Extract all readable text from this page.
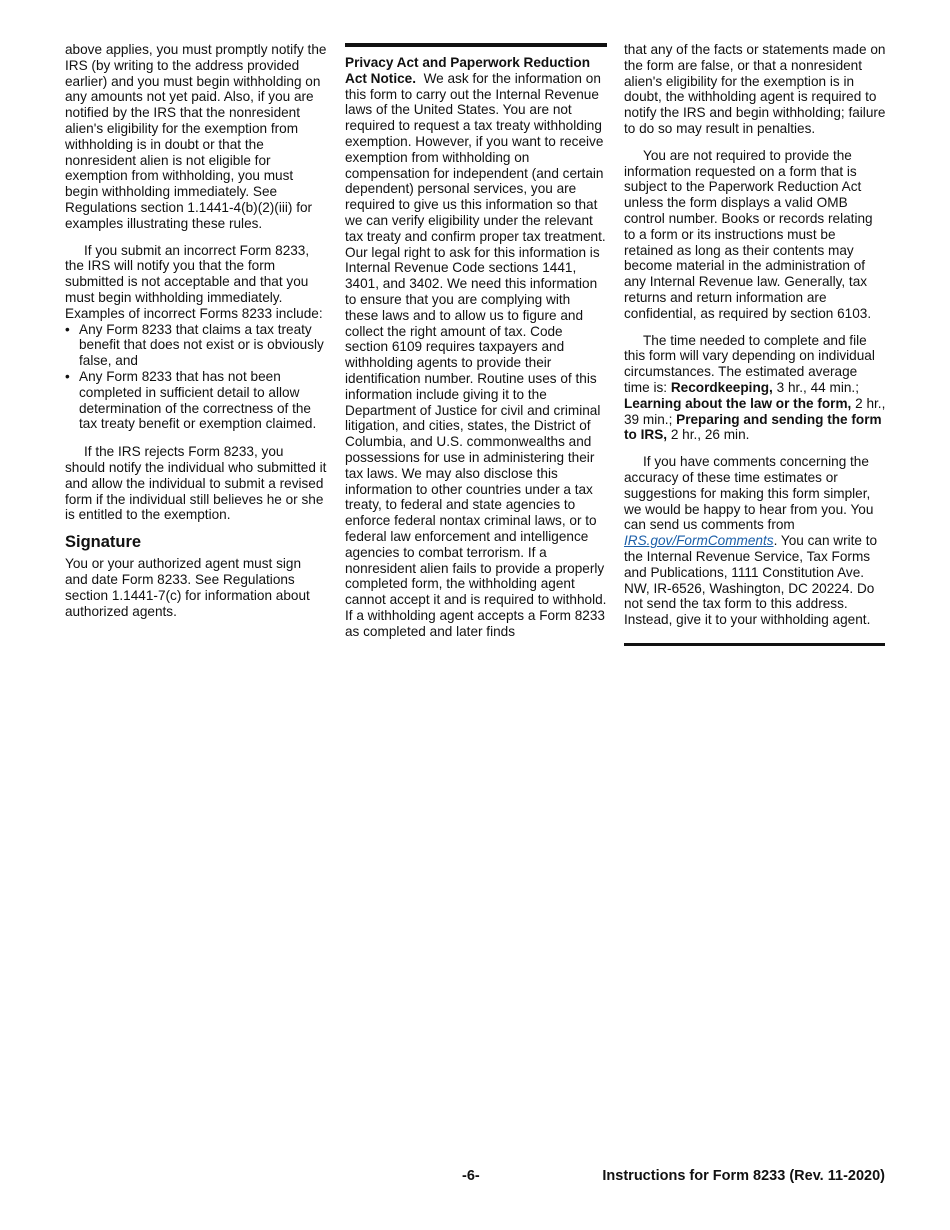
above applies, you must promptly notify the IRS (by writing to the address provided earlier) and you must begin withholding on any amounts not yet paid. Also, if you are notified by the IRS that the nonresident alien's eligibility for the exemption from withholding is in doubt or that the nonresident alien is not eligible for exemption from withholding, you must begin withholding immediately. See Regulations section 1.1441-4(b)(2)(iii) for examples illustrating these rules.

If you submit an incorrect Form 8233, the IRS will notify you that the form submitted is not acceptable and that you must begin withholding immediately. Examples of incorrect Forms 8233 include:

• Any Form 8233 that claims a tax treaty benefit that does not exist or is obviously false, and
• Any Form 8233 that has not been completed in sufficient detail to allow determination of the correctness of the tax treaty benefit or exemption claimed.

If the IRS rejects Form 8233, you should notify the individual who submitted it and allow the individual to submit a revised form if the individual still believes he or she is entitled to the exemption.

Signature

You or your authorized agent must sign and date Form 8233. See Regulations section 1.1441-7(c) for information about authorized agents.

Privacy Act and Paperwork Reduction Act Notice. We ask for the information on this form to carry out the Internal Revenue laws of the United States. You are not required to request a tax treaty withholding exemption. However, if you want to receive exemption from withholding on compensation for independent (and certain dependent) personal services, you are required to give us this information so that we can verify eligibility under the relevant tax treaty and confirm proper tax treatment. Our legal right to ask for this information is Internal Revenue Code sections 1441, 3401, and 3402. We need this information to ensure that you are complying with these laws and to allow us to figure and collect the right amount of tax. Code section 6109 requires taxpayers and withholding agents to provide their identification number. Routine uses of this information include giving it to the Department of Justice for civil and criminal litigation, and cities, states, the District of Columbia, and U.S. commonwealths and possessions for use in administering their tax laws. We may also disclose this information to other countries under a tax treaty, to federal and state agencies to enforce federal nontax criminal laws, or to federal law enforcement and intelligence agencies to combat terrorism. If a nonresident alien fails to provide a properly completed form, the withholding agent cannot accept it and is required to withhold. If a withholding agent accepts a Form 8233 as completed and later finds

that any of the facts or statements made on the form are false, or that a nonresident alien's eligibility for the exemption is in doubt, the withholding agent is required to notify the IRS and begin withholding; failure to do so may result in penalties.

You are not required to provide the information requested on a form that is subject to the Paperwork Reduction Act unless the form displays a valid OMB control number. Books or records relating to a form or its instructions must be retained as long as their contents may become material in the administration of any Internal Revenue law. Generally, tax returns and return information are confidential, as required by section 6103.

The time needed to complete and file this form will vary depending on individual circumstances. The estimated average time is: Recordkeeping, 3 hr., 44 min.; Learning about the law or the form, 2 hr., 39 min.; Preparing and sending the form to IRS, 2 hr., 26 min.

If you have comments concerning the accuracy of these time estimates or suggestions for making this form simpler, we would be happy to hear from you. You can send us comments from IRS.gov/FormComments. You can write to the Internal Revenue Service, Tax Forms and Publications, 1111 Constitution Ave. NW, IR-6526, Washington, DC 20224. Do not send the tax form to this address. Instead, give it to your withholding agent.

-6-	Instructions for Form 8233 (Rev. 11-2020)
